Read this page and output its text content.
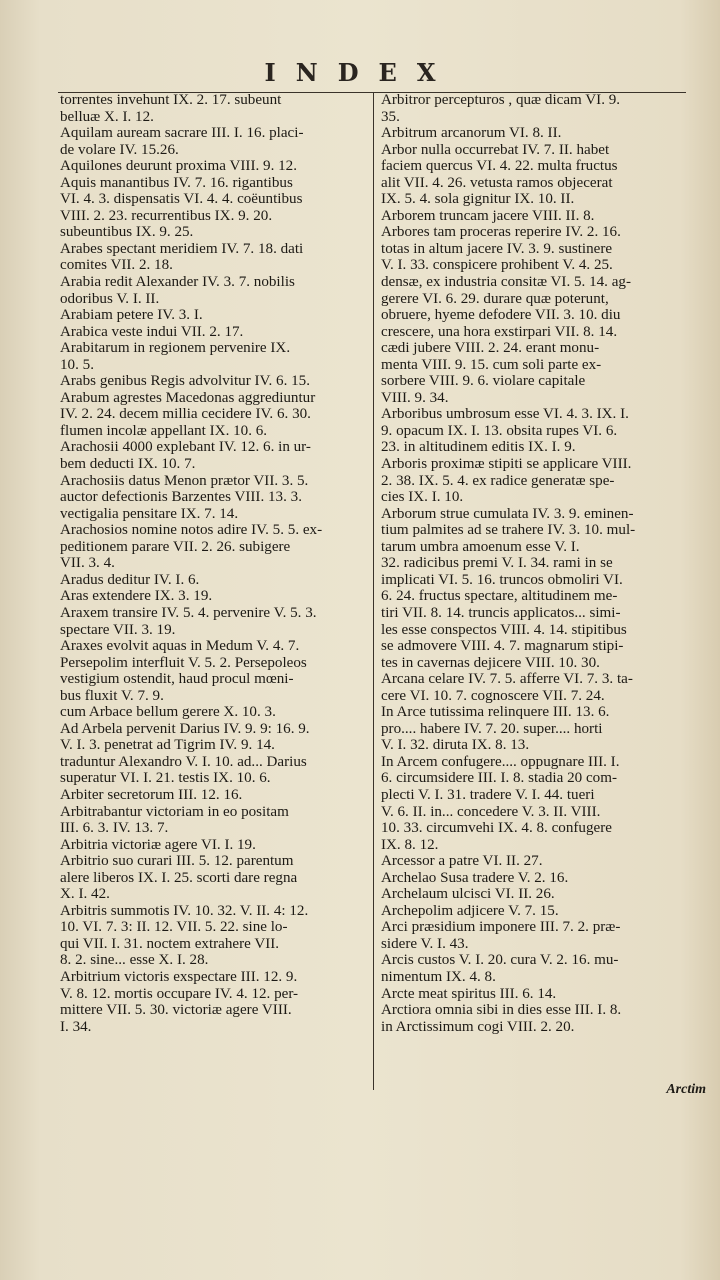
INDEX
torrentes invehunt IX. 2. 17. subeunt
belluæ X. I. 12.
Aquilam auream sacrare III. I. 16. placi-
de volare IV. 15.26.
Aquilones deurunt proxima VIII. 9. 12.
Aquis manantibus IV. 7. 16. rigantibus
VI. 4. 3. dispensatis VI. 4. 4. coëuntibus
VIII. 2. 23. recurrentibus IX. 9. 20.
subeuntibus IX. 9. 25.
Arabes spectant meridiem IV. 7. 18. dati
comites VII. 2. 18.
Arabia redit Alexander IV. 3. 7. nobilis
odoribus V. I. II.
Arabiam petere IV. 3. I.
Arabica veste indui VII. 2. 17.
Arabitarum in regionem pervenire IX.
10. 5.
Arabs genibus Regis advolvitur IV. 6. 15.
Arabum agrestes Macedonas aggrediuntur
IV. 2. 24. decem millia cecidere IV. 6. 30.
flumen incolæ appellant IX. 10. 6.
Arachosii 4000 explebant IV. 12. 6. in ur-
bem deducti IX. 10. 7.
Arachosiis datus Menon prætor VII. 3. 5.
auctor defectionis Barzentes VIII. 13. 3.
vectigalia pensitare IX. 7. 14.
Arachosios nomine notos adire IV. 5. 5. ex-
peditionem parare VII. 2. 26. subigere
VII. 3. 4.
Aradus deditur IV. I. 6.
Aras extendere IX. 3. 19.
Araxem transire IV. 5. 4. pervenire V. 5. 3.
spectare VII. 3. 19.
Araxes evolvit aquas in Medum V. 4. 7.
Persepolim interfluit V. 5. 2. Persepoleos
vestigium ostendit, haud procul mœni-
bus fluxit V. 7. 9.
cum Arbace bellum gerere X. 10. 3.
Ad Arbela pervenit Darius IV. 9. 9: 16. 9.
V. I. 3. penetrat ad Tigrim IV. 9. 14.
traduntur Alexandro V. I. 10. ad... Darius
superatur VI. I. 21. testis IX. 10. 6.
Arbiter secretorum III. 12. 16.
Arbitrabantur victoriam in eo positam
III. 6. 3. IV. 13. 7.
Arbitria victoriæ agere VI. I. 19.
Arbitrio suo curari III. 5. 12. parentum
alere liberos IX. I. 25. scorti dare regna
X. I. 42.
Arbitris summotis IV. 10. 32. V. II. 4: 12.
10. VI. 7. 3: II. 12. VII. 5. 22. sine lo-
qui VII. I. 31. noctem extrahere VII.
8. 2. sine... esse X. I. 28.
Arbitrium victoris exspectare III. 12. 9.
V. 8. 12. mortis occupare IV. 4. 12. per-
mittere VII. 5. 30. victoriæ agere VIII.
I. 34.
Arbitror percepturos , quæ dicam VI. 9.
35.
Arbitrum arcanorum VI. 8. II.
Arbor nulla occurrebat IV. 7. II. habet
faciem quercus VI. 4. 22. multa fructus
alit VII. 4. 26. vetusta ramos objecerat
IX. 5. 4. sola gignitur IX. 10. II.
Arborem truncam jacere VIII. II. 8.
Arbores tam proceras reperire IV. 2. 16.
totas in altum jacere IV. 3. 9. sustinere
V. I. 33. conspicere prohibent V. 4. 25.
densæ, ex industria consitæ VI. 5. 14. ag-
gerere VI. 6. 29. durare quæ poterunt,
obruere, hyeme defodere VII. 3. 10. diu
crescere, una hora exstirpari VII. 8. 14.
cædi jubere VIII. 2. 24. erant monu-
menta VIII. 9. 15. cum soli parte ex-
sorbere VIII. 9. 6. violare capitale
VIII. 9. 34.
Arboribus umbrosum esse VI. 4. 3. IX. I.
9. opacum IX. I. 13. obsita rupes VI. 6.
23. in altitudinem editis IX. I. 9.
Arboris proximæ stipiti se applicare VIII.
2. 38. IX. 5. 4. ex radice generatæ spe-
cies IX. I. 10.
Arborum strue cumulata IV. 3. 9. eminen-
tium palmites ad se trahere IV. 3. 10. mul-
tarum umbra amoenum esse V. I.
32. radicibus premi V. I. 34. rami in se
implicati VI. 5. 16. truncos obmoliri VI.
6. 24. fructus spectare, altitudinem me-
tiri VII. 8. 14. truncis applicatos... simi-
les esse conspectos VIII. 4. 14. stipitibus
se admovere VIII. 4. 7. magnarum stipi-
tes in cavernas dejicere VIII. 10. 30.
Arcana celare IV. 7. 5. afferre VI. 7. 3. ta-
cere VI. 10. 7. cognoscere VII. 7. 24.
In Arce tutissima relinquere III. 13. 6.
pro.... habere IV. 7. 20. super.... horti
V. I. 32. diruta IX. 8. 13.
In Arcem confugere.... oppugnare III. I.
6. circumsidere III. I. 8. stadia 20 com-
plecti V. I. 31. tradere V. I. 44. tueri
V. 6. II. in... concedere V. 3. II. VIII.
10. 33. circumvehi IX. 4. 8. confugere
IX. 8. 12.
Arcessor a patre VI. II. 27.
Archelao Susa tradere V. 2. 16.
Archelaum ulcisci VI. II. 26.
Archepolim adjicere V. 7. 15.
Arci præsidium imponere III. 7. 2. præ-
sidere V. I. 43.
Arcis custos V. I. 20. cura V. 2. 16. mu-
nimentum IX. 4. 8.
Arcte meat spiritus III. 6. 14.
Arctiora omnia sibi in dies esse III. I. 8.
in Arctissimum cogi VIII. 2. 20.
Arctim
